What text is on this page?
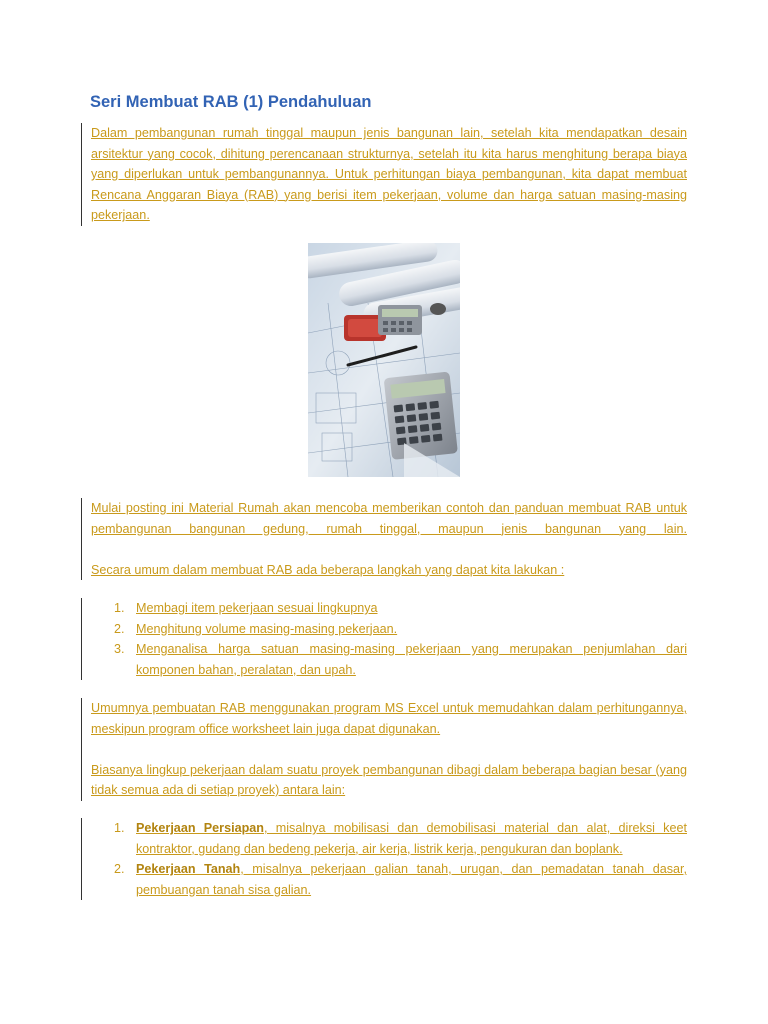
Seri Membuat RAB (1) Pendahuluan

Dalam pembangunan rumah tinggal maupun jenis bangunan lain, setelah kita mendapatkan desain arsitektur yang cocok, dihitung perencanaan strukturnya, setelah itu kita harus menghitung berapa biaya yang diperlukan untuk pembangunannya. Untuk perhitungan biaya pembangunan, kita dapat membuat Rencana Anggaran Biaya (RAB) yang berisi item pekerjaan, volume dan harga satuan masing-masing pekerjaan.

Mulai posting ini Material Rumah akan mencoba memberikan contoh dan panduan membuat RAB untuk pembangunan bangunan gedung, rumah tinggal, maupun jenis bangunan yang lain.

Secara umum dalam membuat RAB ada beberapa langkah yang dapat kita lakukan :

1. Membagi item pekerjaan sesuai lingkupnya
2. Menghitung volume masing-masing pekerjaan.
3. Menganalisa harga satuan masing-masing pekerjaan yang merupakan penjumlahan dari komponen bahan, peralatan, dan upah.

Umumnya pembuatan RAB menggunakan program MS Excel untuk memudahkan dalam perhitungannya, meskipun program office worksheet lain juga dapat digunakan.

Biasanya lingkup pekerjaan dalam suatu proyek pembangunan dibagi dalam beberapa bagian besar (yang tidak semua ada di setiap proyek) antara lain:

1. Pekerjaan Persiapan, misalnya mobilisasi dan demobilisasi material dan alat, direksi keet kontraktor, gudang dan bedeng pekerja, air kerja, listrik kerja, pengukuran dan boplank.
2. Pekerjaan Tanah, misalnya pekerjaan galian tanah, urugan, dan pemadatan tanah dasar, pembuangan tanah sisa galian.
